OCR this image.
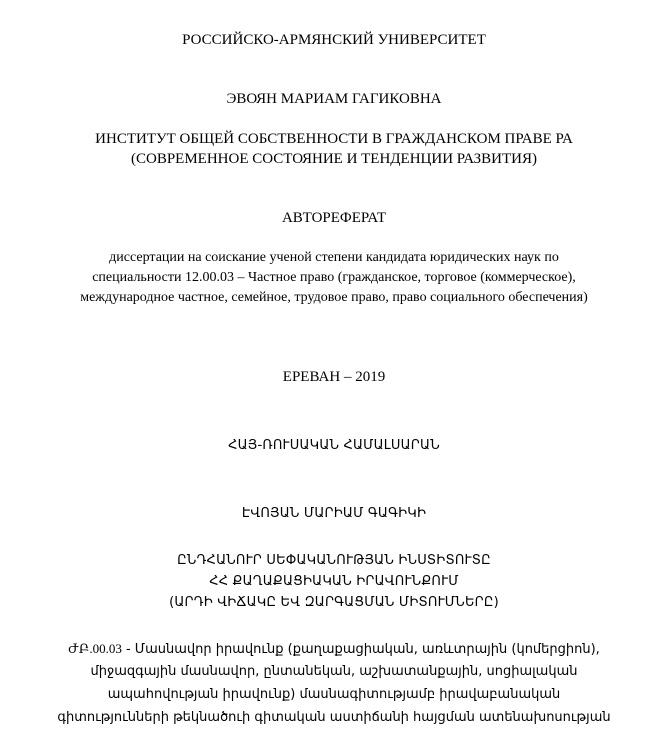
РОССИЙСКО-АРМЯНСКИЙ УНИВЕРСИТЕТ
ЭВОЯН МАРИАМ ГАГИКОВНА
ИНСТИТУТ ОБЩЕЙ СОБСТВЕННОСТИ В ГРАЖДАНСКОМ ПРАВЕ РА
(СОВРЕМЕННОЕ СОСТОЯНИЕ И ТЕНДЕНЦИИ РАЗВИТИЯ)
АВТОРЕФЕРАТ
диссертации на соискание ученой степени кандидата юридических наук по
специальности 12.00.03 – Частное право (гражданское, торговое (коммерческое),
международное частное, семейное, трудовое право, право социального обеспечения)
ЕРЕВАН – 2019
ՀԱՅ-ՌՈՒՍԱԿԱՆ ՀԱՄԱԼՍԱՐԱՆ
ԷՎՈՅԱՆ ՄԱՐԻԱՄ ԳԱԳԻԿԻ
ԸՆԴՀԱՆՈՒՐ ՍԵՓԱԿԱՆՈՒԹՅԱՆ ԻՆՍՏԻՏՈՒՏԸ
ՀՀ ՔԱՂԱՔԱՑԻԱԿԱՆ ԻՐԱՎՈՒՆՔՈՒՄ
(ԱՐԴԻ ՎԻՃԱԿԸ ԵՎ ԶԱՐԳԱՑՄԱՆ ՄԻՏՈՒՄՆԵՐԸ)
ԺԲ.00.03 - Մասնավոր իրավունք (քաղաքացիական, առևտրային (կոմերցիոն),
միջազգային մասնավոր, ընտանեկան, աշխատանքային, սոցիալական
ապահովության իրավունք) մասնագիտությամբ իրավաբանական
գիտությունների թեկնածուի գիտական աստիճանի հայցման ատենախոսության
